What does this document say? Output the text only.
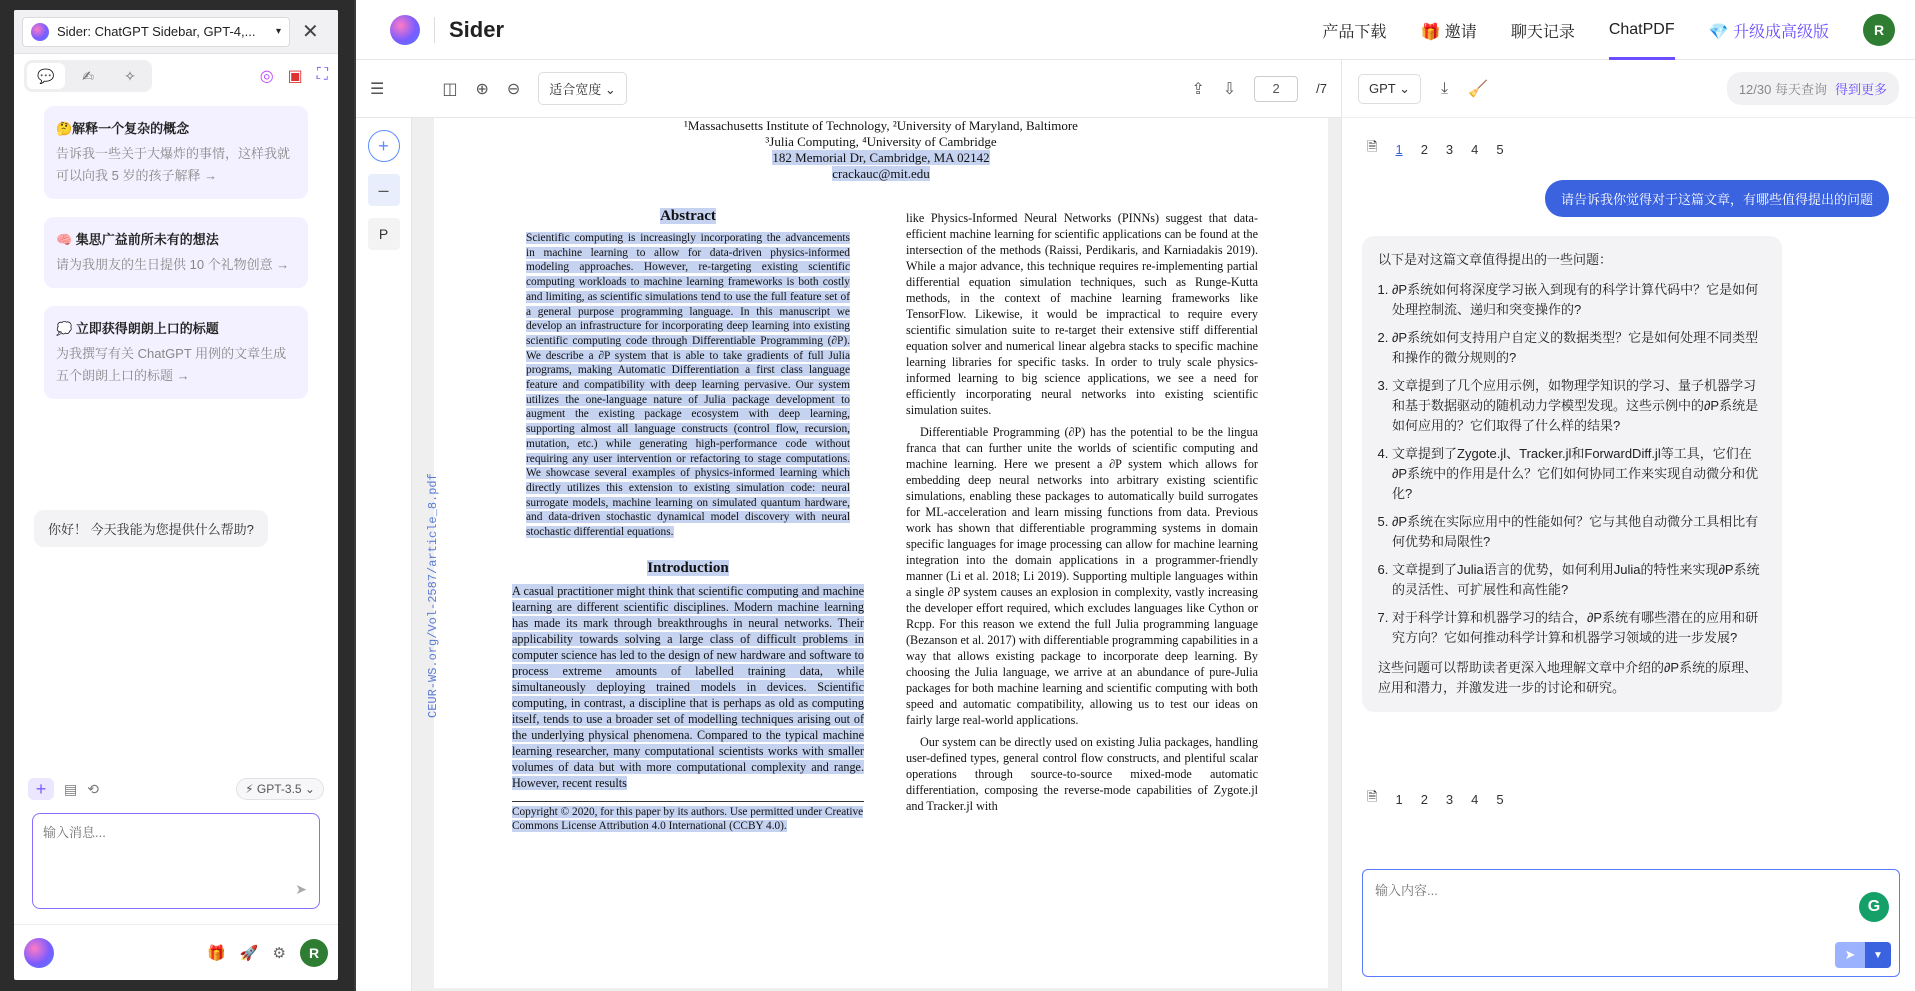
Sider: ChatGPT Sidebar, GPT-4,... ▾ ✕
💬	✍	✧	◎ ▣ ⛶
🤔解释一个复杂的概念
告诉我一些关于大爆炸的事情，这样我就可以向我 5 岁的孩子解释 →
🧠 集思广益前所未有的想法
请为我朋友的生日提供 10 个礼物创意 →
💭 立即获得朗朗上口的标题
为我撰写有关 ChatGPT 用例的文章生成五个朗朗上口的标题 →
你好！ 今天我能为您提供什么帮助?
+	▤ ⟲	⚡ GPT-3.5 ⌄
输入消息...
➤
🎁 🚀 ⚙	R
Sider	产品下载 🎁 邀请 聊天记录 ChatPDF 💎 升级成高级版	R
☰	◫ ⊕ ⊖	适合宽度 ⌄	⇪ ⇩	2	/7
+
–
P
¹Massachusetts Institute of Technology, ²University of Maryland, Baltimore
³Julia Computing, ⁴University of Cambridge
182 Memorial Dr, Cambridge, MA 02142
crackauc@mit.edu
CEUR-WS.org/Vol-2587/article_8.pdf
Abstract
Scientific computing is increasingly incorporating the advancements in machine learning to allow for data-driven physics-informed modeling approaches. However, re-targeting existing scientific computing workloads to machine learning frameworks is both costly and limiting, as scientific simulations tend to use the full feature set of a general purpose programming language. In this manuscript we develop an infrastructure for incorporating deep learning into existing scientific computing code through Differentiable Programming (∂P). We describe a ∂P system that is able to take gradients of full Julia programs, making Automatic Differentiation a first class language feature and compatibility with deep learning pervasive. Our system utilizes the one-language nature of Julia package development to augment the existing package ecosystem with deep learning, supporting almost all language constructs (control flow, recursion, mutation, etc.) while generating high-performance code without requiring any user intervention or refactoring to stage computations. We showcase several examples of physics-informed learning which directly utilizes this extension to existing simulation code: neural surrogate models, machine learning on simulated quantum hardware, and data-driven stochastic dynamical model discovery with neural stochastic differential equations.
Introduction
A casual practitioner might think that scientific computing and machine learning are different scientific disciplines. Modern machine learning has made its mark through breakthroughs in neural networks. Their applicability towards solving a large class of difficult problems in computer science has led to the design of new hardware and software to process extreme amounts of labelled training data, while simultaneously deploying trained models in devices. Scientific computing, in contrast, a discipline that is perhaps as old as computing itself, tends to use a broader set of modelling techniques arising out of the underlying physical phenomena. Compared to the typical machine learning researcher, many computational scientists works with smaller volumes of data but with more computational complexity and range. However, recent results
Copyright © 2020, for this paper by its authors. Use permitted under Creative Commons License Attribution 4.0 International (CCBY 4.0).

like Physics-Informed Neural Networks (PINNs) suggest that data-efficient machine learning for scientific applications can be found at the intersection of the methods (Raissi, Perdikaris, and Karniadakis 2019). While a major advance, this technique requires re-implementing partial differential equation simulation techniques, such as Runge-Kutta methods, in the context of machine learning frameworks like TensorFlow. Likewise, it would be impractical to require every scientific simulation suite to re-target their extensive stiff differential equation solver and numerical linear algebra stacks to specific machine learning libraries for specific tasks. In order to truly scale physics-informed learning to big science applications, we see a need for efficiently incorporating neural networks into existing scientific simulation suites.

Differentiable Programming (∂P) has the potential to be the lingua franca that can further unite the worlds of scientific computing and machine learning. Here we present a ∂P system which allows for embedding deep neural networks into arbitrary existing scientific simulations, enabling these packages to automatically build surrogates for ML-acceleration and learn missing functions from data. Previous work has shown that differentiable programming systems in domain specific languages for image processing can allow for machine learning integration into the domain applications in a programmer-friendly manner (Li et al. 2018; Li 2019). Supporting multiple languages within a single ∂P system causes an explosion in complexity, vastly increasing the developer effort required, which excludes languages like Cython or Rcpp. For this reason we extend the full Julia programming language (Bezanson et al. 2017) with differentiable programming capabilities in a way that allows existing package to incorporate deep learning. By choosing the Julia language, we arrive at an abundance of pure-Julia packages for both machine learning and scientific computing with both speed and automatic compatibility, allowing us to test our ideas on fairly large real-world applications.

Our system can be directly used on existing Julia packages, handling user-defined types, general control flow constructs, and plentiful scalar operations through source-to-source mixed-mode automatic differentiation, composing the reverse-mode capabilities of Zygote.jl and Tracker.jl with

GPT ⌄	⤓ 🧹	12/30 每天查询 得到更多
🗎 1 2 3 4 5
请告诉我你觉得对于这篇文章，有哪些值得提出的问题
以下是对这篇文章值得提出的一些问题：
1. ∂P系统如何将深度学习嵌入到现有的科学计算代码中？它是如何处理控制流、递归和突变操作的?
2. ∂P系统如何支持用户自定义的数据类型？它是如何处理不同类型和操作的微分规则的?
3. 文章提到了几个应用示例，如物理学知识的学习、量子机器学习和基于数据驱动的随机动力学模型发现。这些示例中的∂P系统是如何应用的？它们取得了什么样的结果?
4. 文章提到了Zygote.jl、Tracker.jl和ForwardDiff.jl等工具，它们在∂P系统中的作用是什么？它们如何协同工作来实现自动微分和优化?
5. ∂P系统在实际应用中的性能如何？它与其他自动微分工具相比有何优势和局限性?
6. 文章提到了Julia语言的优势，如何利用Julia的特性来实现∂P系统的灵活性、可扩展性和高性能?
7. 对于科学计算和机器学习的结合，∂P系统有哪些潜在的应用和研究方向？它如何推动科学计算和机器学习领域的进一步发展?
这些问题可以帮助读者更深入地理解文章中介绍的∂P系统的原理、应用和潜力，并激发进一步的讨论和研究。
🗎 1 2 3 4 5
输入内容...
G
➤	▼
